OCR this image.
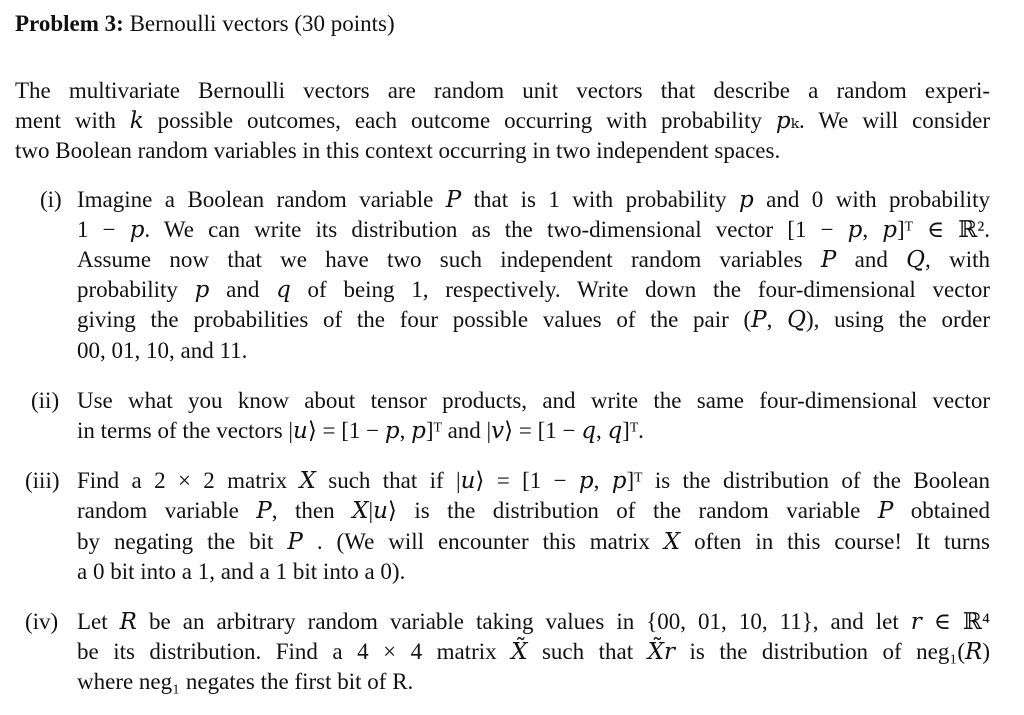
Problem 3: Bernoulli vectors (30 points)

The multivariate Bernoulli vectors are random unit vectors that describe a random experi-
ment with 𝑘 possible outcomes, each outcome occurring with probability 𝑝ₖ. We will consider
two Boolean random variables in this context occurring in two independent spaces.
(i) Imagine a Boolean random variable 𝑃 that is 1 with probability 𝑝 and 0 with probability
1 − 𝑝. We can write its distribution as the two-dimensional vector [1 − 𝑝, 𝑝]ᵀ ∈ ℝ².
Assume now that we have two such independent random variables 𝑃 and 𝑄, with
probability 𝑝 and 𝑞 of being 1, respectively. Write down the four-dimensional vector
giving the probabilities of the four possible values of the pair (𝑃, 𝑄), using the order
00, 01, 10, and 11.
(ii) Use what you know about tensor products, and write the same four-dimensional vector
in terms of the vectors |𝑢⟩ = [1 − 𝑝, 𝑝]ᵀ and |𝑣⟩ = [1 − 𝑞, 𝑞]ᵀ.
(iii) Find a 2 × 2 matrix 𝑋 such that if |𝑢⟩ = [1 − 𝑝, 𝑝]ᵀ is the distribution of the Boolean
random variable 𝑃, then 𝑋|𝑢⟩ is the distribution of the random variable 𝑃 obtained
by negating the bit 𝑃 . (We will encounter this matrix 𝑋 often in this course! It turns
a 0 bit into a 1, and a 1 bit into a 0).
(iv) Let 𝑅 be an arbitrary random variable taking values in {00, 01, 10, 11}, and let 𝑟 ∈ ℝ⁴
be its distribution. Find a 4 × 4 matrix 𝑋̃ such that 𝑋̃𝑟 is the distribution of neg₁(𝑅)
where neg₁ negates the first bit of R.
